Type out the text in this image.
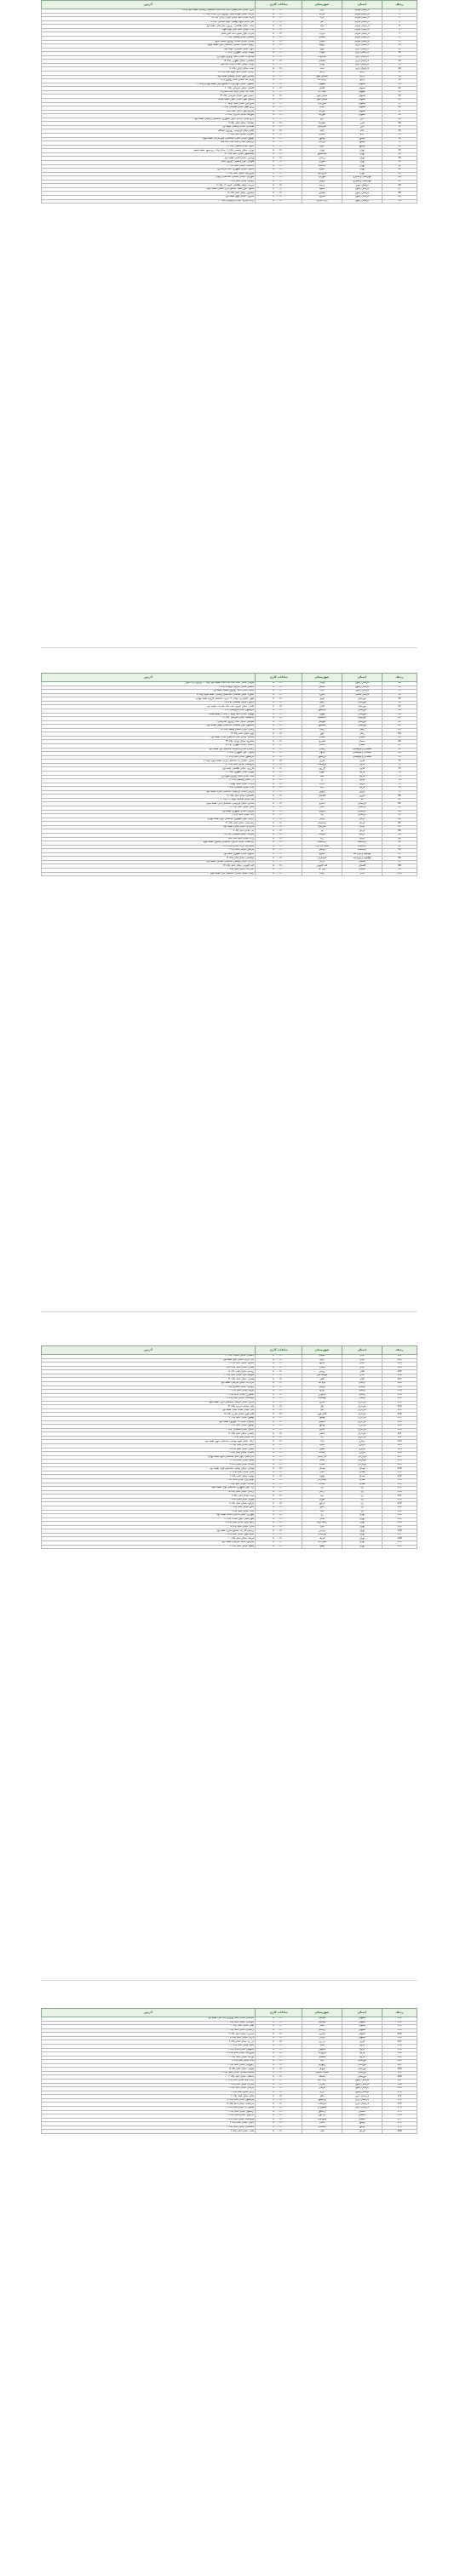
ردیف	استان	شهرستان	ساعات کاری	آدرس
1	آذربایجان شرقی	تبریز	۸:۰۰ - ۱۶:۰۰	تبریز، خیابان امام خمینی، جنب بانک ملت، ساختمان پزشکان، طبقه دوم، واحد ۴
2	آذربایجان شرقی	مراغه	۸:۰۰ - ۱۶:۰۰	مراغه، خیابان خواجه نصیر، روبروی اداره پست، پلاک ۱۲
3	آذربایجان شرقی	مرند	۸:۰۰ - ۱۶:۰۰	مرند، میدان امام، ابتدای خیابان آزادی، پلاک ۳۵
4	آذربایجان شرقی	اهر	۸:۰۰ - ۱۶:۰۰	اهر، خیابان شهید بهشتی، کوچه گلستان، پلاک ۸
5	آذربایجان شرقی	میانه	۸:۰۰ - ۱۶:۰۰	میانه، خیابان طالقانی، روبروی بیمارستان، طبقه اول
6	آذربایجان شرقی	بناب	۸:۰۰ - ۱۶:۰۰	بناب، خیابان امام، نبش کوچه شهدا
7	آذربایجان شرقی	سراب	۸:۰۰ - ۱۶:۰۰	سراب، بلوار بسیج، جنب آتش نشانی
8	آذربایجان شرقی	شبستر	۸:۰۰ - ۱۶:۰۰	شبستر، خیابان ولیعصر، پلاک ۲۲
9	آذربایجان شرقی	ملکان	۸:۰۰ - ۱۶:۰۰	ملکان، خیابان انقلاب، روبروی مسجد جامع
10	آذربایجان غربی	ارومیه	۸:۰۰ - ۱۶:۰۰	ارومیه، خیابان کاشانی، ساختمان نگین، طبقه سوم
11	آذربایجان غربی	خوی	۸:۰۰ - ۱۶:۰۰	خوی، خیابان طالقانی، کوچه دوم
12	آذربایجان غربی	مهاباد	۸:۰۰ - ۱۶:۰۰	مهاباد، خیابان جمهوری، پلاک ۴۱
13	آذربایجان غربی	میاندوآب	۸:۰۰ - ۱۶:۰۰	میاندوآب، خیابان امام، روبروی شهرداری
14	آذربایجان غربی	سلماس	۸:۰۰ - ۱۶:۰۰	سلماس، خیابان مطهری، پلاک ۱۹
15	آذربایجان غربی	بوکان	۸:۰۰ - ۱۶:۰۰	بوکان، خیابان انقلاب، جنب بانک ملی
16	آذربایجان غربی	نقده	۸:۰۰ - ۱۶:۰۰	نقده، خیابان آزادی، پلاک ۷
17	اردبیل	اردبیل	۸:۰۰ - ۱۶:۰۰	اردبیل، خیابان امام، کوچه صفا، پلاک ۱۵
18	اردبیل	مشگین شهر	۸:۰۰ - ۱۶:۰۰	مشگین شهر، خیابان ولیعصر، طبقه دوم
19	اردبیل	پارس آباد	۸:۰۰ - ۱۶:۰۰	پارس آباد، خیابان امام، روبروی پارک
20	اصفهان	اصفهان	۸:۰۰ - ۱۶:۰۰	اصفهان، خیابان چهارباغ بالا، مجتمع کوثر، طبقه چهارم، واحد ۱۲
21	اصفهان	کاشان	۸:۰۰ - ۱۶:۰۰	کاشان، خیابان امیرکبیر، پلاک ۶۰
22	اصفهان	نجف آباد	۸:۰۰ - ۱۶:۰۰	نجف آباد، خیابان امام، جنب مخابرات
23	اصفهان	خمینی شهر	۸:۰۰ - ۱۶:۰۰	خمینی شهر، خیابان شریعتی، پلاک ۳۳
24	اصفهان	شاهین شهر	۸:۰۰ - ۱۶:۰۰	شاهین شهر، خیابان عطار، طبقه همکف
25	اصفهان	فلاورجان	۸:۰۰ - ۱۶:۰۰	فلاورجان، خیابان امام، کوچه ۱۰
26	اصفهان	لنجان	۸:۰۰ - ۱۶:۰۰	زرین شهر، خیابان طالقانی، پلاک ۴
27	اصفهان	مبارکه	۸:۰۰ - ۱۶:۰۰	مبارکه، بلوار آزادی، جنب بانک
28	اصفهان	شهرضا	۸:۰۰ - ۱۶:۰۰	شهرضا، خیابان مدرس، پلاک ۲۸
29	البرز	کرج	۸:۰۰ - ۱۶:۰۰	کرج، میدان آزادگان، بلوار جمهوری، ساختمان پارسیان، طبقه دوم
30	البرز	نظرآباد	۸:۰۰ - ۱۶:۰۰	نظرآباد، خیابان امام، پلاک ۹
31	البرز	ساوجبلاغ	۸:۰۰ - ۱۶:۰۰	هشتگرد، خیابان ولیعصر، طبقه اول
32	ایلام	ایلام	۸:۰۰ - ۱۶:۰۰	ایلام، خیابان فردوسی، روبروی دانشگاه
33	ایلام	دهلران	۸:۰۰ - ۱۶:۰۰	دهلران، خیابان امام، پلاک ۱۴
34	بوشهر	بوشهر	۸:۰۰ - ۱۶:۰۰	بوشهر، خیابان سنگی، ساختمان خلیج فارس، طبقه سوم
35	بوشهر	برازجان	۸:۰۰ - ۱۶:۰۰	برازجان، خیابان امام، جنب بانک سپه
36	بوشهر	گناوه	۸:۰۰ - ۱۶:۰۰	گناوه، خیابان ساحلی، پلاک ۲۱
37	تهران	تهران	۸:۰۰ - ۱۶:۰۰	تهران، خیابان ولیعصر، بالاتر از میدان ونک، برج سپهر، طبقه ششم
38	تهران	اسلامشهر	۸:۰۰ - ۱۶:۰۰	اسلامشهر، خیابان امام، پلاک ۵۰
39	تهران	ورامین	۸:۰۰ - ۱۶:۰۰	ورامین، خیابان قدس، طبقه دوم
40	تهران	شهریار	۸:۰۰ - ۱۶:۰۰	شهریار، بلوار ولیعصر، روبروی پاساژ
41	تهران	پاکدشت	۸:۰۰ - ۱۶:۰۰	پاکدشت، خیابان امام، پلاک ۱۱
42	تهران	دماوند	۸:۰۰ - ۱۶:۰۰	دماوند، خیابان جمهوری، جنب فرمانداری
43	تهران	فیروزکوه	۸:۰۰ - ۱۶:۰۰	فیروزکوه، خیابان امام، پلاک ۶
44	چهارمحال و بختیاری	شهرکرد	۸:۰۰ - ۱۶:۰۰	شهرکرد، خیابان کاشانی، ساختمان ارغوان
45	چهارمحال و بختیاری	بروجن	۸:۰۰ - ۱۶:۰۰	بروجن، خیابان امام، پلاک ۳
46	خراسان جنوبی	بیرجند	۸:۰۰ - ۱۶:۰۰	بیرجند، خیابان طالقانی، کوچه ۱۲، پلاک ۷
47	خراسان رضوی	مشهد	۸:۰۰ - ۱۶:۰۰	مشهد، بلوار سجاد، مجتمع اداری الماس، طبقه پنجم
48	خراسان رضوی	نیشابور	۸:۰۰ - ۱۶:۰۰	نیشابور، خیابان امام، پلاک ۱۷
49	خراسان رضوی	سبزوار	۸:۰۰ - ۱۶:۰۰	سبزوار، خیابان بیهق، طبقه اول
50	خراسان رضوی	تربت حیدریه	۸:۰۰ - ۱۶:۰۰	تربت حیدریه، خیابان فردوسی، پلاک ۲۰
ردیف	استان	شهرستان	ساعات کاری	آدرس
51	خراسان رضوی	قوچان	۸:۰۰ - ۱۶:۰۰	قوچان، خیابان امام، جنب بانک ملت، طبقه دوم، واحد ۳، روبروی پارک شهر
52	خراسان رضوی	کاشمر	۸:۰۰ - ۱۶:۰۰	کاشمر، خیابان مدرس، کوچه ۵، پلاک ۲
53	خراسان رضوی	گناباد	۸:۰۰ - ۱۶:۰۰	گناباد، خیابان امام، روبروی مسجد، طبقه اول
54	خراسان شمالی	بجنورد	۸:۰۰ - ۱۶:۰۰	بجنورد، خیابان طالقانی، ساختمان پزشکان، طبقه سوم، واحد ۸
55	خوزستان	اهواز	۸:۰۰ - ۱۶:۰۰	اهواز، کیانپارس، خیابان ۱۲ غربی، ساختمان کارون، طبقه چهارم
56	خوزستان	دزفول	۸:۰۰ - ۱۶:۰۰	دزفول، خیابان طالقانی، پلاک ۴۵
57	خوزستان	آبادان	۸:۰۰ - ۱۶:۰۰	آبادان، خیابان امیری، جنب بانک صادرات، طبقه دوم
58	خوزستان	خرمشهر	۸:۰۰ - ۱۶:۰۰	خرمشهر، خیابان فردوسی، پلاک ۱۰
59	خوزستان	بهبهان	۸:۰۰ - ۱۶:۰۰	بهبهان، خیابان امام، کوچه ۳، پلاک ۹، طبقه همکف
60	خوزستان	اندیمشک	۸:۰۰ - ۱۶:۰۰	اندیمشک، خیابان شریعتی، پلاک ۲۷
61	خوزستان	شوشتر	۸:۰۰ - ۱۶:۰۰	شوشتر، خیابان امام، روبروی بیمارستان
62	خوزستان	ماهشهر	۸:۰۰ - ۱۶:۰۰	ماهشهر، بلوار طالقانی، ساختمان نیلوفر، طبقه دوم
63	زنجان	زنجان	۸:۰۰ - ۱۶:۰۰	زنجان، خیابان سعدی وسط، پلاک ۵۶
64	زنجان	ابهر	۸:۰۰ - ۱۶:۰۰	ابهر، خیابان امام، پلاک ۱۳
65	سمنان	سمنان	۸:۰۰ - ۱۶:۰۰	سمنان، خیابان امام، ساختمان آفتاب، طبقه اول
66	سمنان	شاهرود	۸:۰۰ - ۱۶:۰۰	شاهرود، خیابان تهران، پلاک ۳۴
67	سمنان	دامغان	۸:۰۰ - ۱۶:۰۰	دامغان، خیابان مطهری، پلاک ۵
68	سیستان و بلوچستان	زاهدان	۸:۰۰ - ۱۶:۰۰	زاهدان، خیابان دانشگاه، ساختمان نور، طبقه دوم
69	سیستان و بلوچستان	چابهار	۸:۰۰ - ۱۶:۰۰	چابهار، بلوار جمهوری، پلاک ۸
70	سیستان و بلوچستان	ایرانشهر	۸:۰۰ - ۱۶:۰۰	ایرانشهر، خیابان امام، پلاک ۲۳
71	فارس	شیراز	۸:۰۰ - ۱۶:۰۰	شیراز، خیابان زند، ساختمان پارس، طبقه سوم، واحد ۷
72	فارس	مرودشت	۸:۰۰ - ۱۶:۰۰	مرودشت، خیابان امام، پلاک ۱۶
73	فارس	کازرون	۸:۰۰ - ۱۶:۰۰	کازرون، خیابان طالقانی، طبقه اول
74	فارس	جهرم	۸:۰۰ - ۱۶:۰۰	جهرم، خیابان مطهری، پلاک ۳۹
75	فارس	فسا	۸:۰۰ - ۱۶:۰۰	فسا، خیابان امام، روبروی شهرداری
76	فارس	لار	۸:۰۰ - ۱۶:۰۰	لار، خیابان ولیعصر، پلاک ۱۲
77	فارس	داراب	۸:۰۰ - ۱۶:۰۰	داراب، خیابان امام، کوچه ۴
78	فارس	آباده	۸:۰۰ - ۱۶:۰۰	آباده، خیابان طالقانی، پلاک ۲
79	قزوین	قزوین	۸:۰۰ - ۱۶:۰۰	قزوین، خیابان فردوسی، ساختمان ستاره، طبقه دوم
80	قزوین	تاکستان	۸:۰۰ - ۱۶:۰۰	تاکستان، خیابان امام، پلاک ۱۸
81	قم	قم	۸:۰۰ - ۱۶:۰۰	قم، خیابان صفائیه، کوچه ۲۲، پلاک ۴
82	کردستان	سنندج	۸:۰۰ - ۱۶:۰۰	سنندج، خیابان فردوسی، ساختمان آبیدر، طبقه سوم
83	کردستان	سقز	۸:۰۰ - ۱۶:۰۰	سقز، خیابان امام، پلاک ۲۶
84	کردستان	مریوان	۸:۰۰ - ۱۶:۰۰	مریوان، خیابان جمهوری، طبقه اول
85	کردستان	بانه	۸:۰۰ - ۱۶:۰۰	بانه، خیابان امام، پلاک ۹
86	کرمان	کرمان	۸:۰۰ - ۱۶:۰۰	کرمان، بلوار جمهوری، ساختمان کویر، طبقه چهارم
87	کرمان	رفسنجان	۸:۰۰ - ۱۶:۰۰	رفسنجان، خیابان امام، پلاک ۳۱
88	کرمان	سیرجان	۸:۰۰ - ۱۶:۰۰	سیرجان، خیابان قدس، طبقه دوم
89	کرمان	بم	۸:۰۰ - ۱۶:۰۰	بم، خیابان امام، پلاک ۷
90	کرمان	جیرفت	۸:۰۰ - ۱۶:۰۰	جیرفت، خیابان طالقانی، پلاک ۱۵
91	کرمان	زرند	۸:۰۰ - ۱۶:۰۰	زرند، خیابان امام، جنب بانک
92	کرمانشاه	کرمانشاه	۸:۰۰ - ۱۶:۰۰	کرمانشاه، خیابان مدرس، ساختمان بیستون، طبقه سوم
93	کرمانشاه	اسلام آباد غرب	۸:۰۰ - ۱۶:۰۰	اسلام آباد غرب، خیابان امام، پلاک ۴
94	کرمانشاه	هرسین	۸:۰۰ - ۱۶:۰۰	هرسین، خیابان امام، پلاک ۲
95	کهگیلویه و بویراحمد	یاسوج	۸:۰۰ - ۱۶:۰۰	یاسوج، خیابان مطهری، طبقه اول
96	کهگیلویه و بویراحمد	گچساران	۸:۰۰ - ۱۶:۰۰	دوگنبدان، خیابان امام، پلاک ۱۹
97	گلستان	گرگان	۸:۰۰ - ۱۶:۰۰	گرگان، خیابان ولیعصر، ساختمان گلستان، طبقه دوم
98	گلستان	گنبد کاووس	۸:۰۰ - ۱۶:۰۰	گنبد کاووس، خیابان امام، پلاک ۳۷
99	گلستان	علی آباد	۸:۰۰ - ۱۶:۰۰	علی آباد، خیابان امام، پلاک ۱
100	گیلان	رشت	۸:۰۰ - ۱۶:۰۰	رشت، خیابان سعدی، ساختمان گیل، طبقه سوم
ردیف	استان	شهرستان	ساعات کاری	آدرس
101	گیلان	لاهیجان	۸:۰۰ - ۱۶:۰۰	لاهیجان، خیابان کاشف، پلاک ۱۴
102	گیلان	انزلی	۸:۰۰ - ۱۶:۰۰	بندر انزلی، خیابان امام، طبقه اول
103	گیلان	لنگرود	۸:۰۰ - ۱۶:۰۰	لنگرود، خیابان امام، پلاک ۸
104	گیلان	آستارا	۸:۰۰ - ۱۶:۰۰	آستارا، خیابان امام، جنب بانک
105	گیلان	رودسر	۸:۰۰ - ۱۶:۰۰	رودسر، خیابان امام، پلاک ۵
106	گیلان	صومعه سرا	۸:۰۰ - ۱۶:۰۰	صومعه سرا، خیابان امام، پلاک ۳
107	گیلان	تالش	۸:۰۰ - ۱۶:۰۰	هشتپر، خیابان امام، پلاک ۲۲
108	لرستان	خرم آباد	۸:۰۰ - ۱۶:۰۰	خرم آباد، خیابان شریعتی، طبقه دوم
109	لرستان	بروجرد	۸:۰۰ - ۱۶:۰۰	بروجرد، خیابان جعفری، پلاک ۱۰
110	لرستان	دورود	۸:۰۰ - ۱۶:۰۰	دورود، خیابان امام، پلاک ۴
111	لرستان	الیگودرز	۸:۰۰ - ۱۶:۰۰	الیگودرز، خیابان امام، پلاک ۶
112	لرستان	کوهدشت	۸:۰۰ - ۱۶:۰۰	کوهدشت، خیابان امام، پلاک ۹
113	مازندران	ساری	۸:۰۰ - ۱۶:۰۰	ساری، خیابان فرهنگ، ساختمان البرز، طبقه سوم
114	مازندران	بابل	۸:۰۰ - ۱۶:۰۰	بابل، خیابان مدرس، پلاک ۲۴
115	مازندران	آمل	۸:۰۰ - ۱۶:۰۰	آمل، خیابان طالب آملی، طبقه اول
116	مازندران	قائم شهر	۸:۰۰ - ۱۶:۰۰	قائم شهر، خیابان ساری، پلاک ۱۸
117	مازندران	بهشهر	۸:۰۰ - ۱۶:۰۰	بهشهر، خیابان امام، پلاک ۷
118	مازندران	چالوس	۸:۰۰ - ۱۶:۰۰	چالوس، خیابان ۱۷ شهریور، طبقه دوم
119	مازندران	نوشهر	۸:۰۰ - ۱۶:۰۰	نوشهر، خیابان امام، پلاک ۱۲
120	مازندران	تنکابن	۸:۰۰ - ۱۶:۰۰	تنکابن، خیابان طالقانی، پلاک ۳
121	مازندران	بابلسر	۸:۰۰ - ۱۶:۰۰	بابلسر، خیابان امام، پلاک ۱۱
122	مازندران	نکا	۸:۰۰ - ۱۶:۰۰	نکا، خیابان امام، پلاک ۲
123	مرکزی	اراک	۸:۰۰ - ۱۶:۰۰	اراک، خیابان شهید بهشتی، ساختمان سپهر، طبقه دوم
124	مرکزی	ساوه	۸:۰۰ - ۱۶:۰۰	ساوه، خیابان امام، پلاک ۲۹
125	مرکزی	خمین	۸:۰۰ - ۱۶:۰۰	خمین، خیابان امام، پلاک ۵
126	مرکزی	محلات	۸:۰۰ - ۱۶:۰۰	محلات، خیابان امام، پلاک ۱
127	هرمزگان	بندرعباس	۸:۰۰ - ۱۶:۰۰	بندرعباس، بلوار امام، ساختمان خلیج، طبقه چهارم
128	هرمزگان	قشم	۸:۰۰ - ۱۶:۰۰	قشم، خیابان امام، پلاک ۱۶
129	هرمزگان	میناب	۸:۰۰ - ۱۶:۰۰	میناب، خیابان امام، پلاک ۸
130	همدان	همدان	۸:۰۰ - ۱۶:۰۰	همدان، خیابان بوعلی، ساختمان الوند، طبقه دوم
131	همدان	ملایر	۸:۰۰ - ۱۶:۰۰	ملایر، خیابان امام، پلاک ۲۱
132	همدان	نهاوند	۸:۰۰ - ۱۶:۰۰	نهاوند، خیابان امام، پلاک ۶
133	همدان	تویسرکان	۸:۰۰ - ۱۶:۰۰	تویسرکان، خیابان امام، پلاک ۴
134	همدان	اسدآباد	۸:۰۰ - ۱۶:۰۰	اسدآباد، خیابان امام، پلاک ۳
135	یزد	یزد	۸:۰۰ - ۱۶:۰۰	یزد، بلوار جمهوری، ساختمان کوثر، طبقه سوم
136	یزد	اردکان	۸:۰۰ - ۱۶:۰۰	اردکان، خیابان امام، پلاک ۱۵
137	یزد	میبد	۸:۰۰ - ۱۶:۰۰	میبد، خیابان امام، پلاک ۷
138	یزد	مهریز	۸:۰۰ - ۱۶:۰۰	مهریز، خیابان امام، پلاک ۲
139	یزد	ابرکوه	۸:۰۰ - ۱۶:۰۰	ابرکوه، خیابان امام، پلاک ۹
140	یزد	بافق	۸:۰۰ - ۱۶:۰۰	بافق، خیابان امام، پلاک ۴
141	یزد	تفت	۸:۰۰ - ۱۶:۰۰	تفت، خیابان امام، پلاک ۱
142	تهران	ری	۸:۰۰ - ۱۶:۰۰	شهرری، خیابان فدائیان اسلام، طبقه دوم
143	تهران	قدس	۸:۰۰ - ۱۶:۰۰	شهر قدس، بلوار انقلاب، پلاک ۱۲
144	تهران	رباط کریم	۸:۰۰ - ۱۶:۰۰	رباط کریم، خیابان امام، پلاک ۵
145	تهران	ملارد	۸:۰۰ - ۱۶:۰۰	ملارد، خیابان امام، پلاک ۸
146	تهران	پردیس	۸:۰۰ - ۱۶:۰۰	پردیس، فاز یک، مجتمع تجاری، طبقه اول
147	تهران	بهارستان	۸:۰۰ - ۱۶:۰۰	نسیم شهر، خیابان امام، پلاک ۳
148	تهران	قرچک	۸:۰۰ - ۱۶:۰۰	قرچک، خیابان امام، پلاک ۱۰
149	تهران	شمیرانات	۸:۰۰ - ۱۶:۰۰	تجریش، خیابان شریعتی، طبقه دوم
150	تهران	پیشوا	۸:۰۰ - ۱۶:۰۰	پیشوا، خیابان امام، پلاک ۶
ردیف	استان	شهرستان	ساعات کاری	آدرس
151	اصفهان	گلپایگان	۸:۰۰ - ۱۶:۰۰	گلپایگان، خیابان امام، روبروی بانک ملی، طبقه اول
152	اصفهان	خوانسار	۸:۰۰ - ۱۶:۰۰	خوانسار، خیابان امام، پلاک ۴
153	اصفهان	نطنز	۸:۰۰ - ۱۶:۰۰	نطنز، خیابان امام، پلاک ۲
154	اصفهان	اردستان	۸:۰۰ - ۱۶:۰۰	اردستان، خیابان امام، پلاک ۱
155	اصفهان	سمیرم	۸:۰۰ - ۱۶:۰۰	سمیرم، خیابان امام، پلاک ۳
156	اصفهان	فریدن	۸:۰۰ - ۱۶:۰۰	داران، خیابان امام، پلاک ۵
157	فارس	نی ریز	۸:۰۰ - ۱۶:۰۰	نی ریز، خیابان امام، پلاک ۷
158	فارس	اقلید	۸:۰۰ - ۱۶:۰۰	اقلید، خیابان امام، پلاک ۲
159	فارس	استهبان	۸:۰۰ - ۱۶:۰۰	استهبان، خیابان امام، پلاک ۶
160	فارس	فیروزآباد	۸:۰۰ - ۱۶:۰۰	فیروزآباد، خیابان امام، پلاک ۸
161	فارس	ممسنی	۸:۰۰ - ۱۶:۰۰	نورآباد، خیابان امام، پلاک ۴
162	خوزستان	ایذه	۸:۰۰ - ۱۶:۰۰	ایذه، خیابان امام، پلاک ۹
163	خوزستان	رامهرمز	۸:۰۰ - ۱۶:۰۰	رامهرمز، خیابان امام، پلاک ۳
164	خوزستان	شوش	۸:۰۰ - ۱۶:۰۰	شوش، خیابان امام، پلاک ۵
165	خوزستان	مسجد سلیمان	۸:۰۰ - ۱۶:۰۰	مسجد سلیمان، خیابان امام، پلاک ۱۱
166	خوزستان	باغملک	۸:۰۰ - ۱۶:۰۰	باغملک، خیابان امام، پلاک ۲
167	خراسان رضوی	تربت جام	۸:۰۰ - ۱۶:۰۰	تربت جام، خیابان امام، پلاک ۱۳
168	خراسان رضوی	چناران	۸:۰۰ - ۱۶:۰۰	چناران، خیابان امام، پلاک ۴
169	خراسان رضوی	فریمان	۸:۰۰ - ۱۶:۰۰	فریمان، خیابان امام، پلاک ۶
170	خراسان رضوی	درگز	۸:۰۰ - ۱۶:۰۰	درگز، خیابان امام، پلاک ۳
171	آذربایجان غربی	ماکو	۸:۰۰ - ۱۶:۰۰	ماکو، خیابان امام، پلاک ۲
172	آذربایجان غربی	پیرانشهر	۸:۰۰ - ۱۶:۰۰	پیرانشهر، خیابان امام، پلاک ۸
173	آذربایجان غربی	سردشت	۸:۰۰ - ۱۶:۰۰	سردشت، خیابان امام، پلاک ۵
174	آذربایجان غربی	شاهین دژ	۸:۰۰ - ۱۶:۰۰	شاهین دژ، خیابان امام، پلاک ۱
175	گلستان	آزادشهر	۸:۰۰ - ۱۶:۰۰	آزادشهر، خیابان امام، پلاک ۴
176	گلستان	کردکوی	۸:۰۰ - ۱۶:۰۰	کردکوی، خیابان امام، پلاک ۷
177	گلستان	مینودشت	۸:۰۰ - ۱۶:۰۰	مینودشت، خیابان امام، پلاک ۲
178	بوشهر	کنگان	۸:۰۰ - ۱۶:۰۰	کنگان، خیابان امام، پلاک ۹
179	بوشهر	دشتستان	۸:۰۰ - ۱۶:۰۰	دشتستان، خیابان امام، پلاک ۳
180	کرمان	بافت	۸:۰۰ - ۱۶:۰۰	بافت، خیابان امام، پلاک ۶
